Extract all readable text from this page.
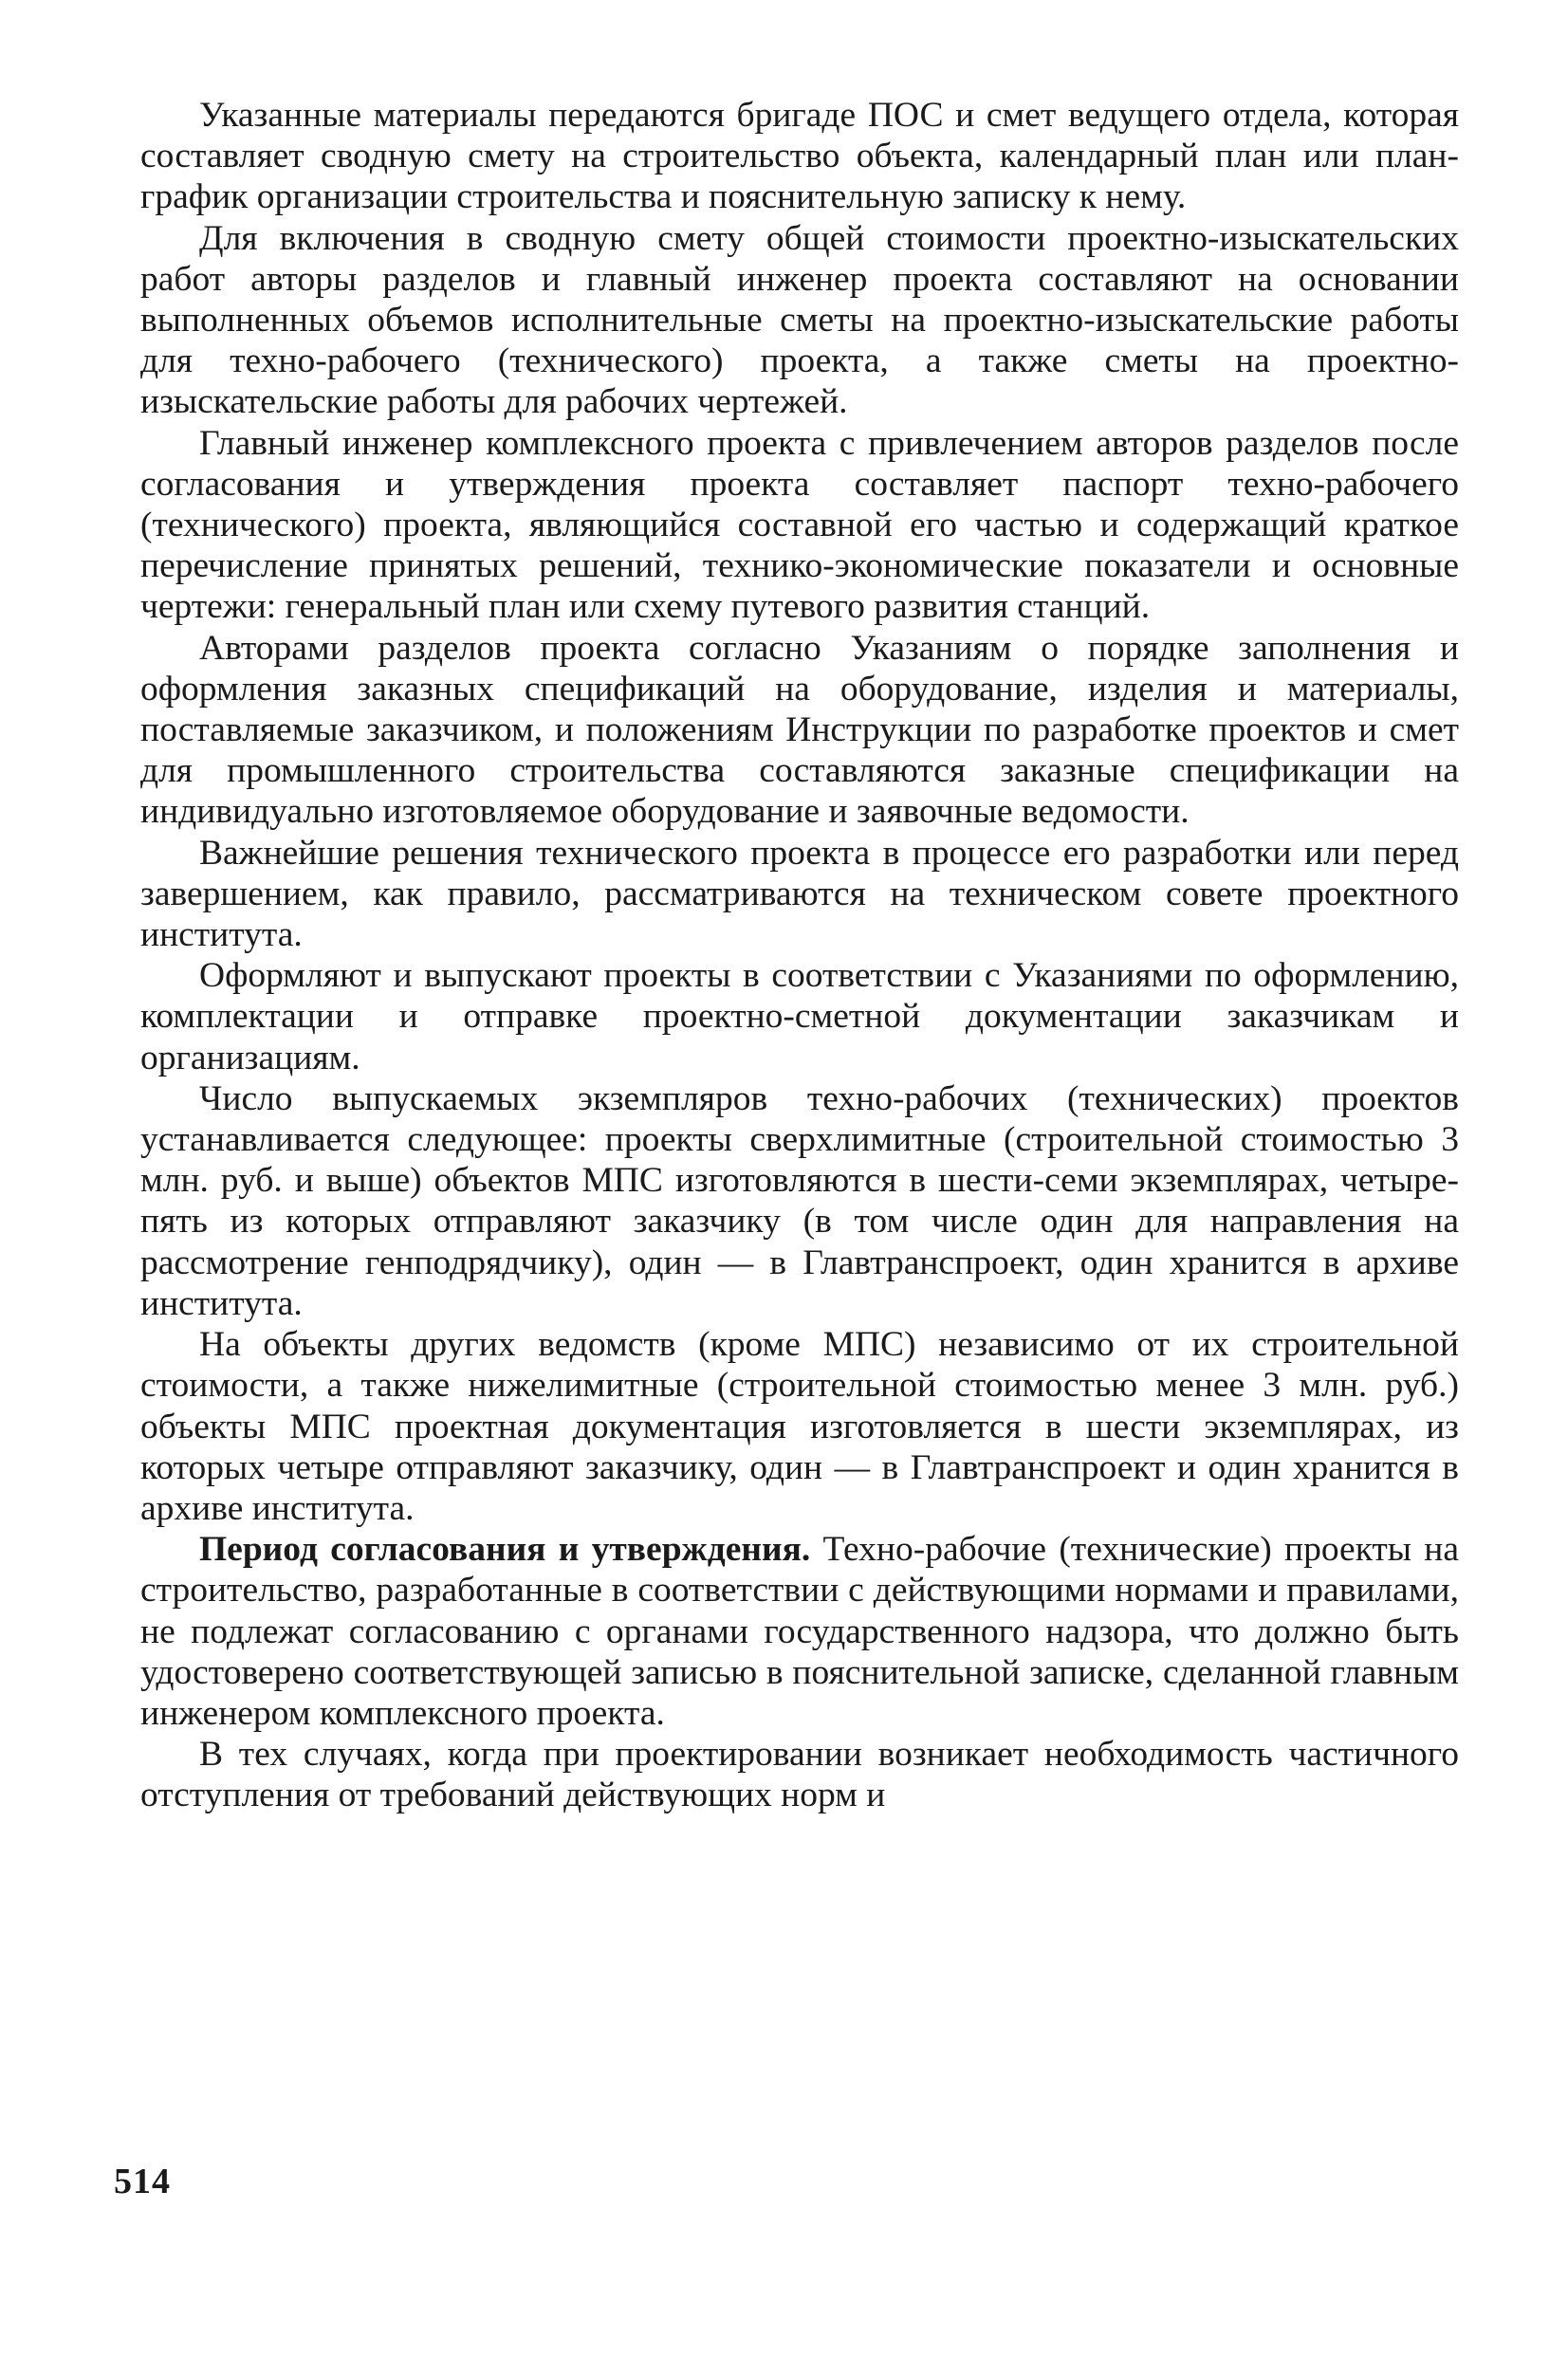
Указанные материалы передаются бригаде ПОС и смет ведущего отдела, которая составляет сводную смету на строительство объекта, календарный план или план-график организации строительства и пояснительную записку к нему.

Для включения в сводную смету общей стоимости проектно-изыскательских работ авторы разделов и главный инженер проекта составляют на основании выполненных объемов исполнительные сметы на проектно-изыскательские работы для техно-рабочего (технического) проекта, а также сметы на проектно-изыскательские работы для рабочих чертежей.

Главный инженер комплексного проекта с привлечением авторов разделов после согласования и утверждения проекта составляет паспорт техно-рабочего (технического) проекта, являющийся составной его частью и содержащий краткое перечисление принятых решений, технико-экономические показатели и основные чертежи: генеральный план или схему путевого развития станций.

Авторами разделов проекта согласно Указаниям о порядке заполнения и оформления заказных спецификаций на оборудование, изделия и материалы, поставляемые заказчиком, и положениям Инструкции по разработке проектов и смет для промышленного строительства составляются заказные спецификации на индивидуально изготовляемое оборудование и заявочные ведомости.

Важнейшие решения технического проекта в процессе его разработки или перед завершением, как правило, рассматриваются на техническом совете проектного института.

Оформляют и выпускают проекты в соответствии с Указаниями по оформлению, комплектации и отправке проектно-сметной документации заказчикам и организациям.

Число выпускаемых экземпляров техно-рабочих (технических) проектов устанавливается следующее: проекты сверхлимитные (строительной стоимостью 3 млн. руб. и выше) объектов МПС изготовляются в шести-семи экземплярах, четыре-пять из которых отправляют заказчику (в том числе один для направления на рассмотрение генподрядчику), один — в Главтранспроект, один хранится в архиве института.

На объекты других ведомств (кроме МПС) независимо от их строительной стоимости, а также нижелимитные (строительной стоимостью менее 3 млн. руб.) объекты МПС проектная документация изготовляется в шести экземплярах, из которых четыре отправляют заказчику, один — в Главтранспроект и один хранится в архиве института.

Период согласования и утверждения. Техно-рабочие (технические) проекты на строительство, разработанные в соответствии с действующими нормами и правилами, не подлежат согласованию с органами государственного надзора, что должно быть удостоверено соответствующей записью в пояснительной записке, сделанной главным инженером комплексного проекта.

В тех случаях, когда при проектировании возникает необходимость частичного отступления от требований действующих норм и

514
